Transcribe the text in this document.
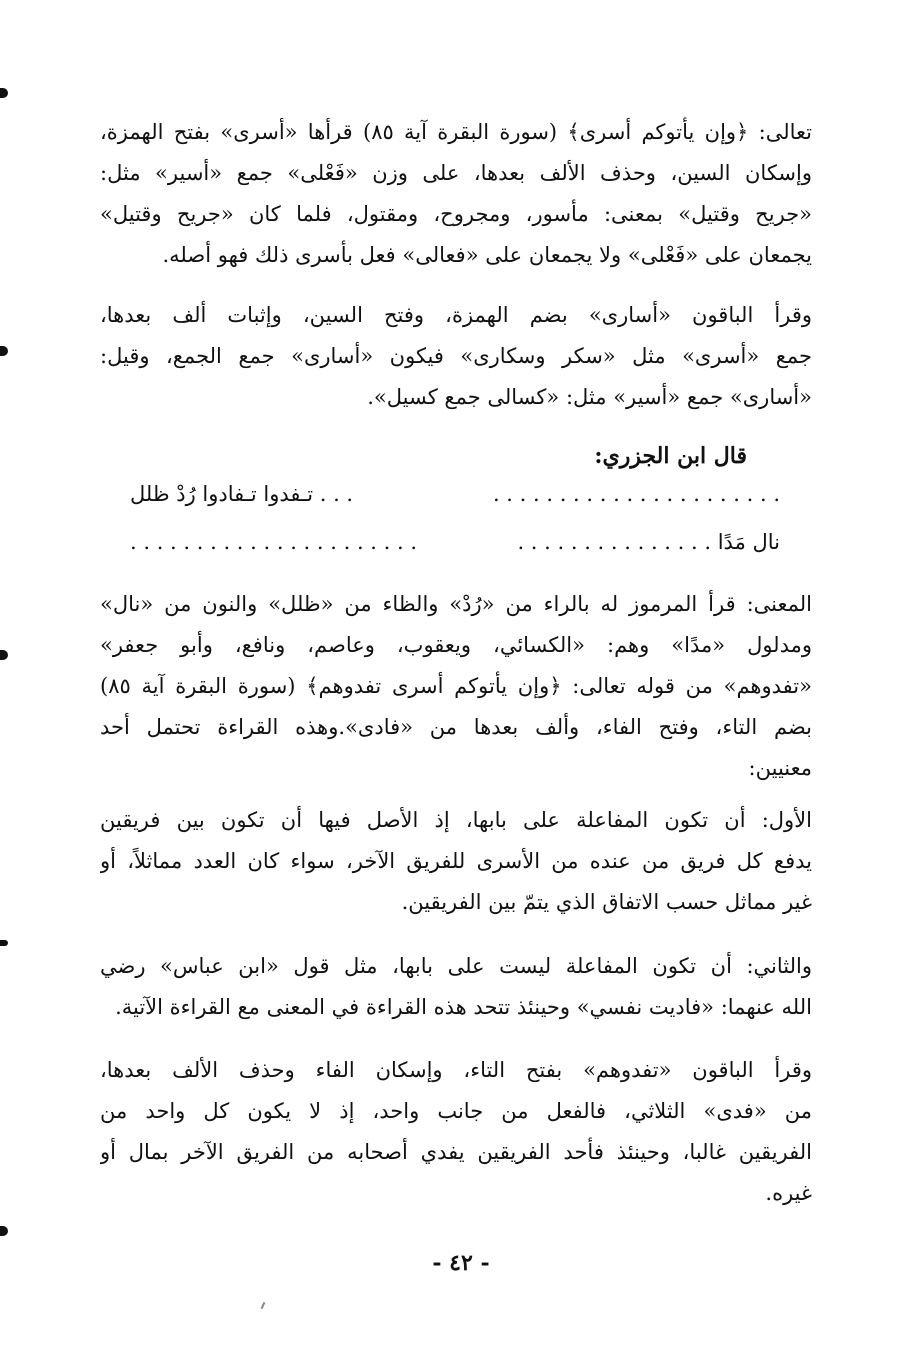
تعالى: ﴿وإن يأتوكم أسرى﴾ (سورة البقرة آية ٨٥) قرأها «أسرى» بفتح الهمزة،
وإسكان السين، وحذف الألف بعدها، على وزن «فَعْلى» جمع «أسير» مثل:
«جريح وقتيل» بمعنى: مأسور، ومجروح، ومقتول، فلما كان «جريح وقتيل»
يجمعان على «فَعْلى» ولا يجمعان على «فعالى» فعل بأسرى ذلك فهو أصله.
وقرأ الباقون «أسارى» بضم الهمزة، وفتح السين، وإثبات ألف بعدها،
جمع «أسرى» مثل «سكر وسكارى» فيكون «أسارى» جمع الجمع، وقيل:
«أسارى» جمع «أسير» مثل: «كسالى جمع كسيل».
قال ابن الجزري:
. . . . . . . . . . . . . . . . . . . . . .
. . . تـفدوا تـفادوا رُدْ ظلل
نال مَدًا . . . . . . . . . . . . . . .
. . . . . . . . . . . . . . . . . . . . . .
المعنى: قرأ المرموز له بالراء من «رُدْ» والظاء من «ظلل» والنون من «نال»
ومدلول «مدًا» وهم: «الكسائي، ويعقوب، وعاصم، ونافع، وأبو جعفر»
«تفدوهم» من قوله تعالى: ﴿وإن يأتوكم أسرى تفدوهم﴾ (سورة البقرة آية ٨٥)
بضم التاء، وفتح الفاء، وألف بعدها من «فادى».وهذه القراءة تحتمل أحد
معنيين:
الأول: أن تكون المفاعلة على بابها، إذ الأصل فيها أن تكون بين فريقين
يدفع كل فريق من عنده من الأسرى للفريق الآخر، سواء كان العدد مماثلاً، أو
غير مماثل حسب الاتفاق الذي يتمّ بين الفريقين.
والثاني: أن تكون المفاعلة ليست على بابها، مثل قول «ابن عباس» رضي
الله عنهما: «فاديت نفسي» وحينئذ تتحد هذه القراءة في المعنى مع القراءة الآتية.
وقرأ الباقون «تفدوهم» بفتح التاء، وإسكان الفاء وحذف الألف بعدها،
من «فدى» الثلاثي، فالفعل من جانب واحد، إذ لا يكون كل واحد من
الفريقين غالبا، وحينئذ فأحد الفريقين يفدي أصحابه من الفريق الآخر بمال أو
غيره.
- ٤٢ -
